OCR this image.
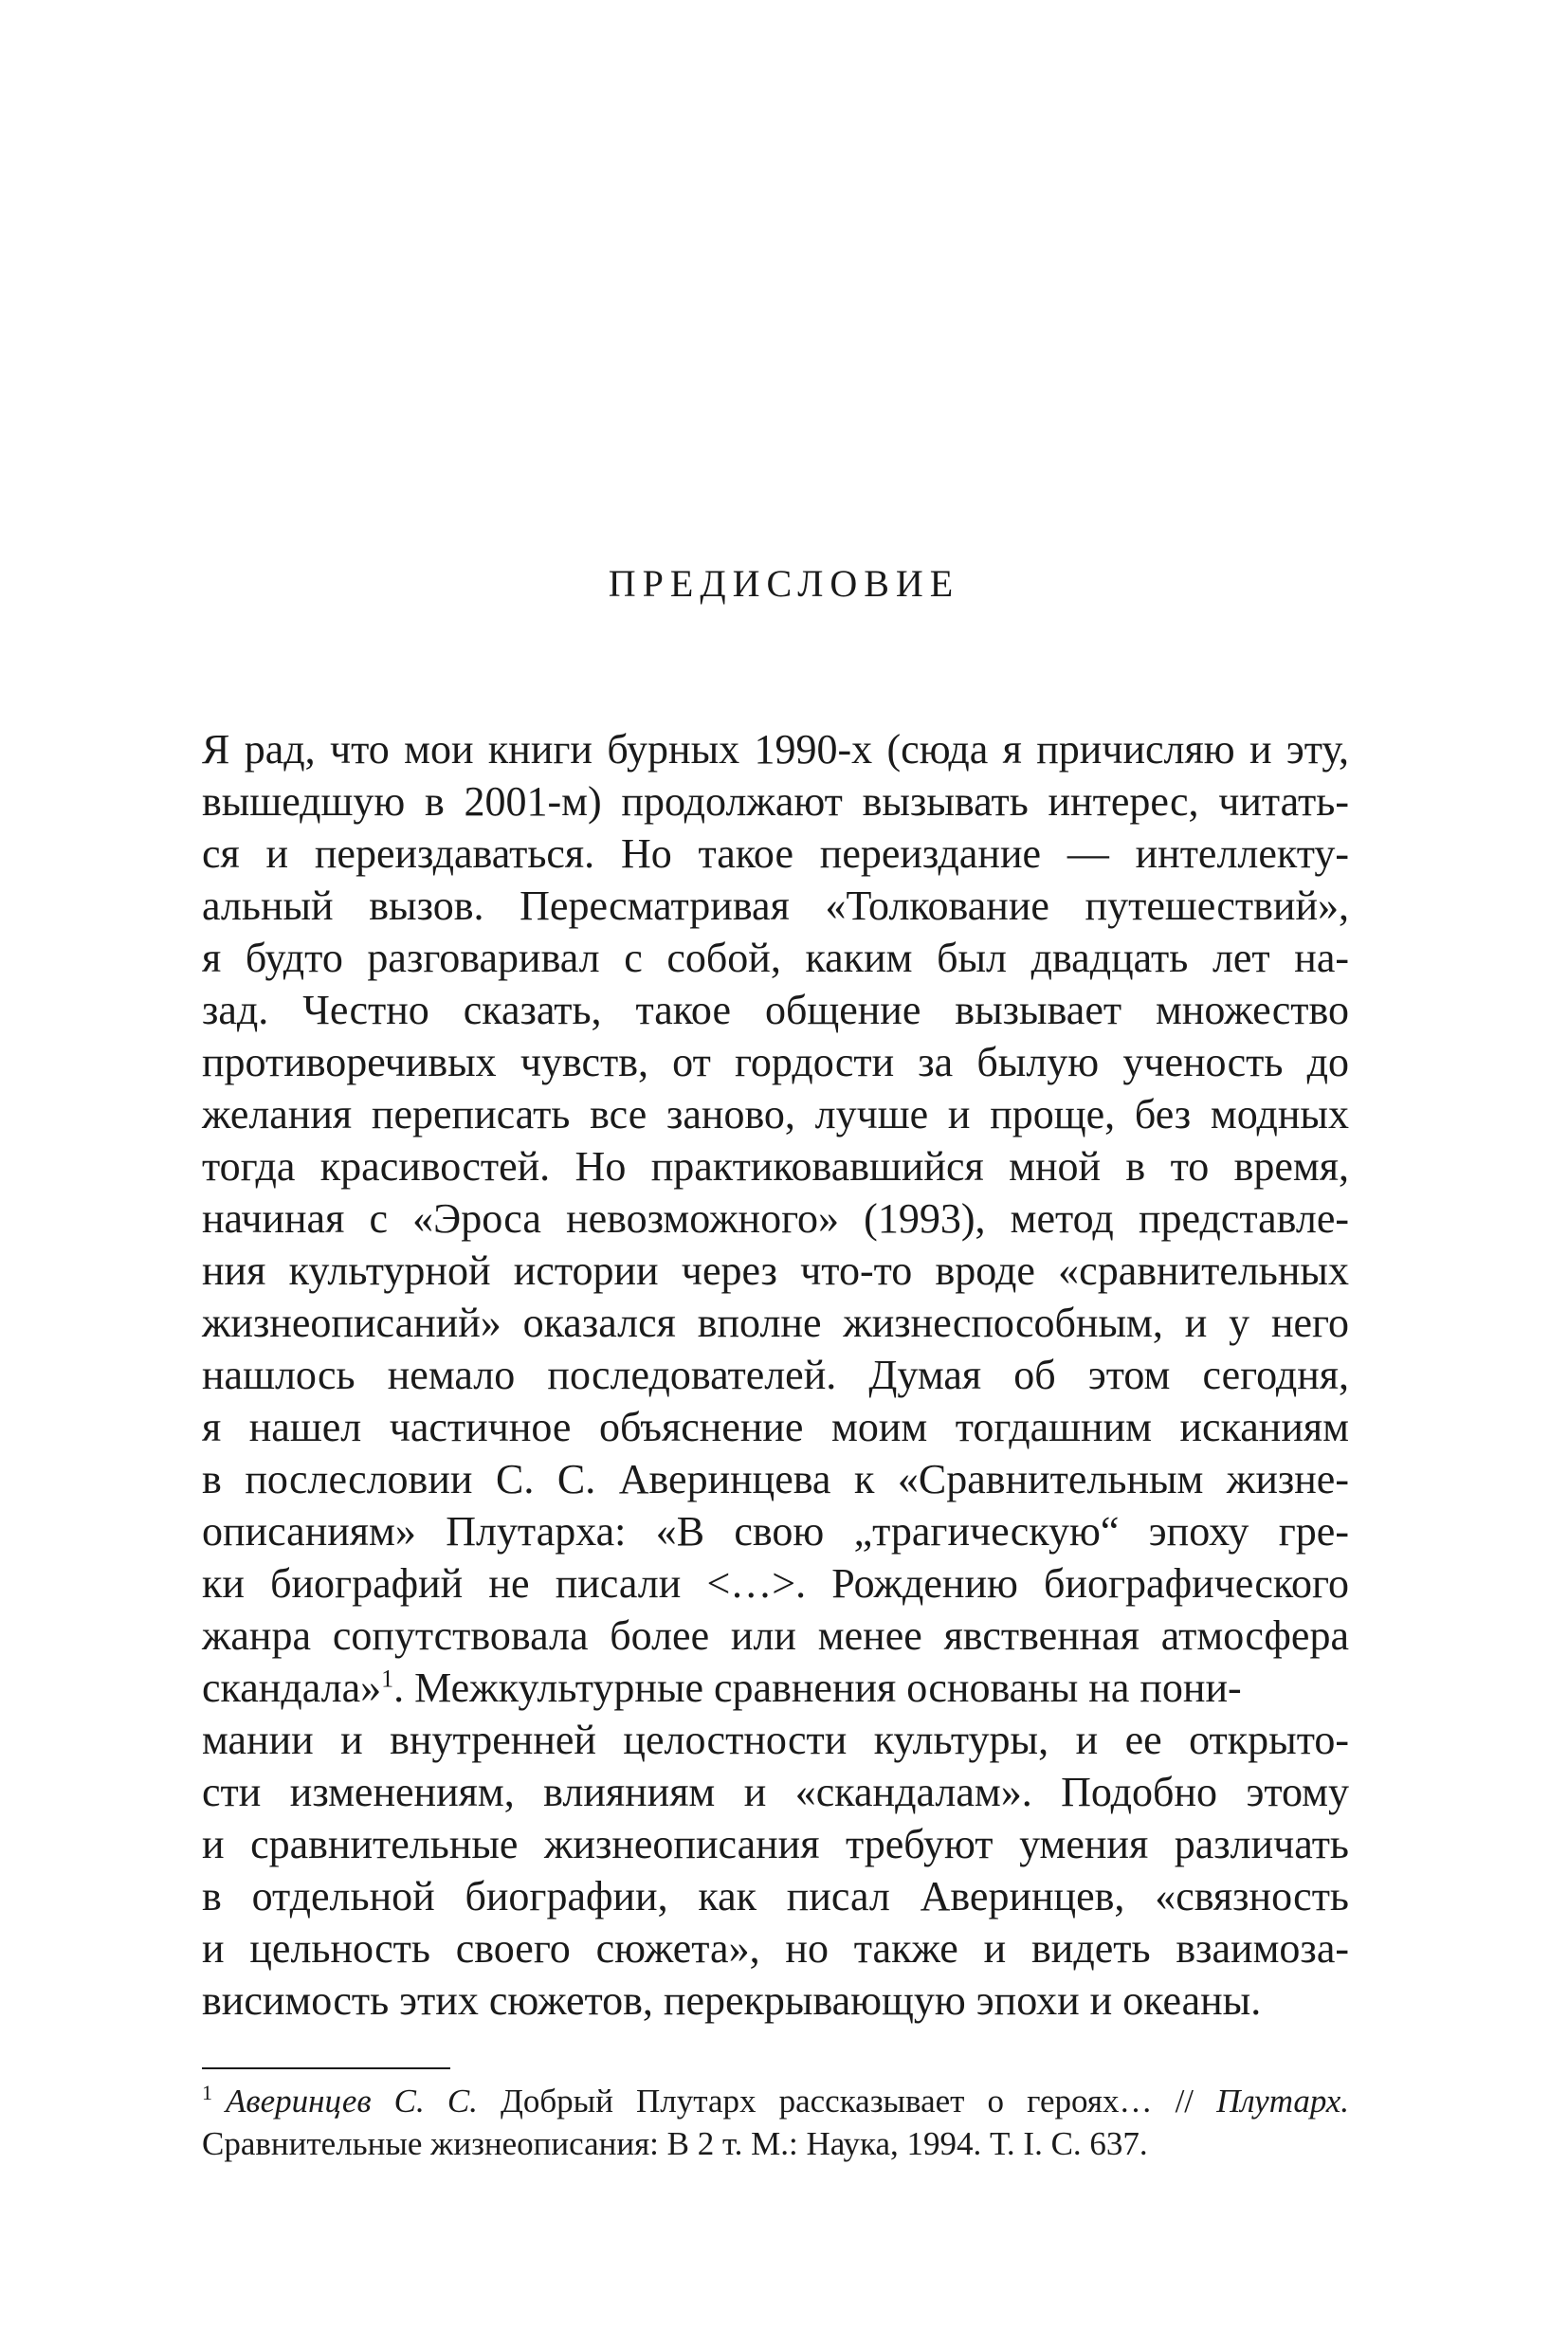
ПРЕДИСЛОВИЕ
Я рад, что мои книги бурных 1990-х (сюда я причисляю и эту,
вышедшую в 2001-м) продолжают вызывать интерес, читать-
ся и переиздаваться. Но такое переиздание — интеллекту-
альный вызов. Пересматривая «Толкование путешествий»,
я будто разговаривал с собой, каким был двадцать лет на-
зад. Честно сказать, такое общение вызывает множество
противоречивых чувств, от гордости за былую ученость до
желания переписать все заново, лучше и проще, без модных
тогда красивостей. Но практиковавшийся мной в то время,
начиная с «Эроса невозможного» (1993), метод представле-
ния культурной истории через что-то вроде «сравнительных
жизнеописаний» оказался вполне жизнеспособным, и у него
нашлось немало последователей. Думая об этом сегодня,
я нашел частичное объяснение моим тогдашним исканиям
в послесловии С. С. Аверинцева к «Сравнительным жизне-
описаниям» Плутарха: «В свою „трагическую“ эпоху гре-
ки биографий не писали <…>. Рождению биографического
жанра сопутствовала более или менее явственная атмосфера
скандала»$^1$. Межкультурные сравнения основаны на пони-
мании и внутренней целостности культуры, и ее открыто-
сти изменениям, влияниям и «скандалам». Подобно этому
и сравнительные жизнеописания требуют умения различать
в отдельной биографии, как писал Аверинцев, «связность
и цельность своего сюжета», но также и видеть взаимоза-
висимость этих сюжетов, перекрывающую эпохи и океаны.
$^1$ Аверинцев С. С. Добрый Плутарх рассказывает о героях… // Плутарх.
Сравнительные жизнеописания: В 2 т. М.: Наука, 1994. Т. I. С. 637.
